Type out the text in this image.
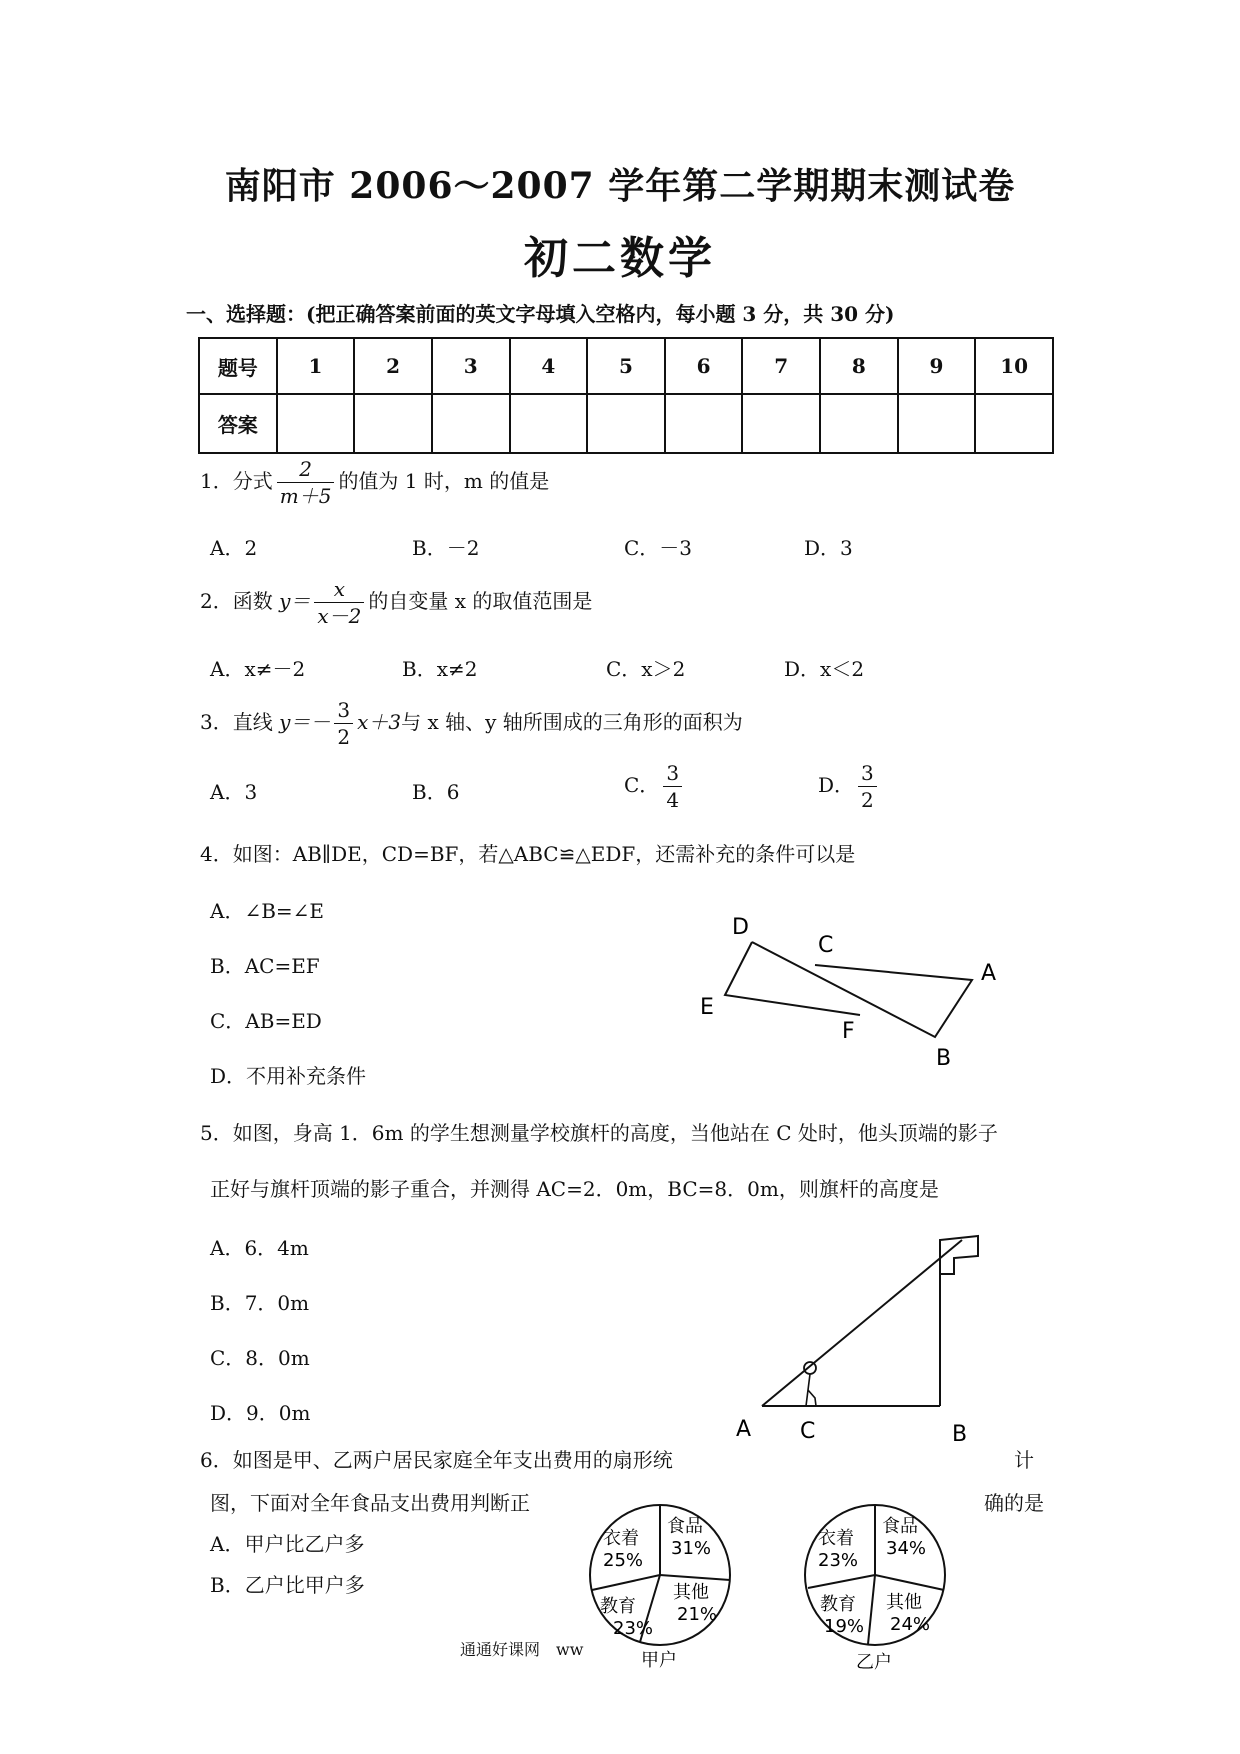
南阳市 2006～2007 学年第二学期期末测试卷
初二数学
一、选择题：(把正确答案前面的英文字母填入空格内，每小题 3 分，共 30 分)
题号	1	2	3	4	5	6	7	8	9	10
答案										
1．分式 $\frac{2}{m+5}$ 的值为 1 时，m 的值是
A．2	B．－2	C．－3	D．3
2．函数 $y= \frac{x}{x-2}$ 的自变量 x 的取值范围是
A．x≠－2	B．x≠2	C．x＞2	D．x＜2
3．直线 $y=- \frac{3}{2} x+3$与 x 轴、y 轴所围成的三角形的面积为
A．3	B．6	C． $\frac{3}{4}$	D． $\frac{3}{2}$
4．如图：AB∥DE，CD=BF，若△ABC≌△EDF，还需补充的条件可以是
A．∠B=∠E
B．AC=EF
C．AB=ED
D．不用补充条件
D
C
A
E
F
B
5．如图，身高 1．6m 的学生想测量学校旗杆的高度，当他站在 C 处时，他头顶端的影子
正好与旗杆顶端的影子重合，并测得 AC=2．0m，BC=8．0m，则旗杆的高度是
A．6．4m
B．7．0m
C．8．0m
D．9．0m
A C	B
6．如图是甲、乙两户居民家庭全年支出费用的扇形统	计
图，下面对全年食品支出费用判断正	确的是
A．甲户比乙户多
B．乙户比甲户多
食品
31%
其他
21%
教育
23%
衣着
25%
甲户
食品
34%
其他
24%
教育
19%
衣着
23%
乙户
通通好课网　ww
